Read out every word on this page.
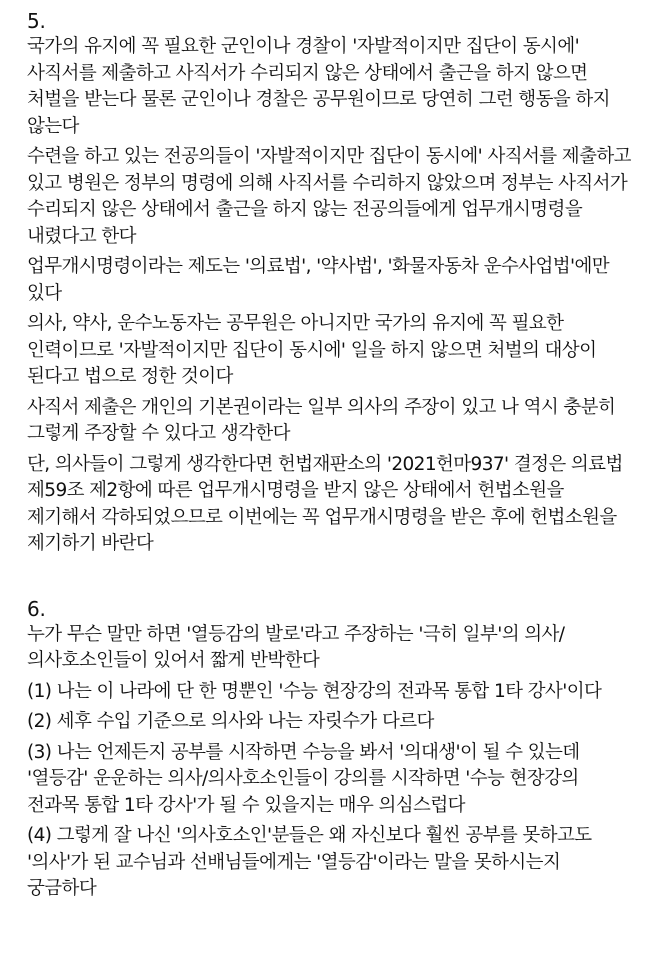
5.

국가의 유지에 꼭 필요한 군인이나 경찰이 '자발적이지만 집단이 동시에' 사직서를 제출하고 사직서가 수리되지 않은 상태에서 출근을 하지 않으면 처벌을 받는다 물론 군인이나 경찰은 공무원이므로 당연히 그런 행동을 하지 않는다

수련을 하고 있는 전공의들이 '자발적이지만 집단이 동시에' 사직서를 제출하고 있고 병원은 정부의 명령에 의해 사직서를 수리하지 않았으며 정부는 사직서가 수리되지 않은 상태에서 출근을 하지 않는 전공의들에게 업무개시명령을 내렸다고 한다

업무개시명령이라는 제도는 '의료법', '약사법', '화물자동차 운수사업법'에만 있다

의사, 약사, 운수노동자는 공무원은 아니지만 국가의 유지에 꼭 필요한 인력이므로 '자발적이지만 집단이 동시에' 일을 하지 않으면 처벌의 대상이 된다고 법으로 정한 것이다

사직서 제출은 개인의 기본권이라는 일부 의사의 주장이 있고 나 역시 충분히 그렇게 주장할 수 있다고 생각한다

단, 의사들이 그렇게 생각한다면 헌법재판소의 '2021헌마937' 결정은 의료법 제59조 제2항에 따른 업무개시명령을 받지 않은 상태에서 헌법소원을 제기해서 각하되었으므로 이번에는 꼭 업무개시명령을 받은 후에 헌법소원을 제기하기 바란다

6.

누가 무슨 말만 하면 '열등감의 발로'라고 주장하는 '극히 일부'의 의사/의사호소인들이 있어서 짧게 반박한다

(1) 나는 이 나라에 단 한 명뿐인 '수능 현장강의 전과목 통합 1타 강사'이다

(2) 세후 수입 기준으로 의사와 나는 자릿수가 다르다

(3) 나는 언제든지 공부를 시작하면 수능을 봐서 '의대생'이 될 수 있는데 '열등감' 운운하는 의사/의사호소인들이 강의를 시작하면 '수능 현장강의 전과목 통합 1타 강사'가 될 수 있을지는 매우 의심스럽다

(4) 그렇게 잘 나신 '의사호소인'분들은 왜 자신보다 훨씬 공부를 못하고도 '의사'가 된 교수님과 선배님들에게는 '열등감'이라는 말을 못하시는지 궁금하다
